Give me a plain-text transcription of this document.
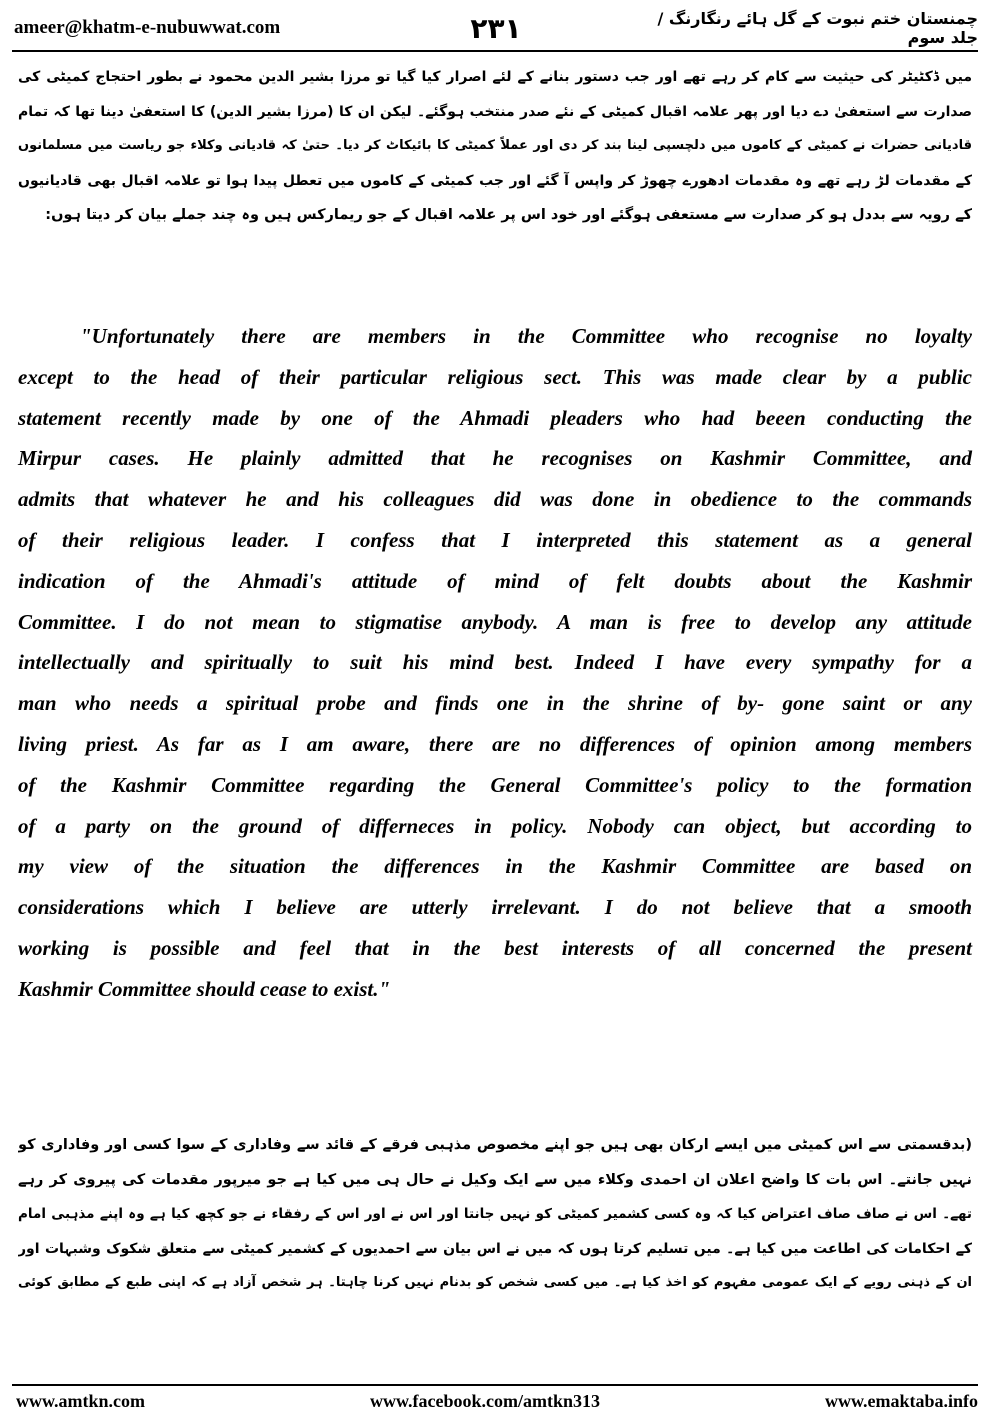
ameer@khatm-e-nubuwwat.com	۲۳۱	چمنستان ختم نبوت کے گل ہائے رنگارنگ / جلد سوم
میں ڈکٹیٹر کی حیثیت سے کام کر رہے تھے اور جب دستور بنانے کے لئے اصرار کیا گیا تو مرزا بشیر الدین محمود نے بطور احتجاج کمیٹی کی
صدارت سے استعفیٰ دے دیا اور پھر علامہ اقبال کمیٹی کے نئے صدر منتخب ہوگئے۔ لیکن ان کا (مرزا بشیر الدین) کا استعفیٰ دینا تھا کہ تمام
قادیانی حضرات نے کمیٹی کے کاموں میں دلچسپی لینا بند کر دی اور عملاً کمیٹی کا بائیکاٹ کر دیا۔ حتیٰ کہ قادیانی وکلاء جو ریاست میں مسلمانوں
کے مقدمات لڑ رہے تھے وہ مقدمات ادھورے چھوڑ کر واپس آ گئے اور جب کمیٹی کے کاموں میں تعطل پیدا ہوا تو علامہ اقبال بھی قادیانیوں
کے رویہ سے بددل ہو کر صدارت سے مستعفی ہوگئے اور خود اس پر علامہ اقبال کے جو ریمارکس ہیں وہ چند جملے بیان کر دیتا ہوں:
"Unfortunately there are members in the Committee who recognise no loyalty
except to the head of their particular religious sect. This was made clear by a public
statement recently made by one of the Ahmadi pleaders who had beeen conducting the
Mirpur cases. He plainly admitted that he recognises on Kashmir Committee, and
admits that whatever he and his colleagues did was done in obedience to the commands
of their religious leader. I confess that I interpreted this statement as a general
indication of the Ahmadi's attitude of mind of felt doubts about the Kashmir
Committee. I do not mean to stigmatise anybody. A man is free to develop any attitude
intellectually and spiritually to suit his mind best. Indeed I have every sympathy for a
man who needs a spiritual probe and finds one in the shrine of by- gone saint or any
living priest. As far as I am aware, there are no differences of opinion among members
of the Kashmir Committee regarding the General Committee's policy to the formation
of a party on the ground of differneces in policy. Nobody can object, but according to
my view of the situation the differences in the Kashmir Committee are based on
considerations which I believe are utterly irrelevant. I do not believe that a smooth
working is possible and feel that in the best interests of all concerned the present
Kashmir Committee should cease to exist."
(بدقسمتی سے اس کمیٹی میں ایسے ارکان بھی ہیں جو اپنے مخصوص مذہبی فرقے کے قائد سے وفاداری کے سوا کسی اور وفاداری کو
نہیں جانتے۔ اس بات کا واضح اعلان ان احمدی وکلاء میں سے ایک وکیل نے حال ہی میں کیا ہے جو میرپور مقدمات کی پیروی کر رہے
تھے۔ اس نے صاف صاف اعتراض کیا کہ وہ کسی کشمیر کمیٹی کو نہیں جانتا اور اس نے اور اس کے رفقاء نے جو کچھ کیا ہے وہ اپنے مذہبی امام
کے احکامات کی اطاعت میں کیا ہے۔ میں تسلیم کرتا ہوں کہ میں نے اس بیان سے احمدیوں کے کشمیر کمیٹی سے متعلق شکوک وشبہات اور
ان کے ذہنی رویے کے ایک عمومی مفہوم کو اخذ کیا ہے۔ میں کسی شخص کو بدنام نہیں کرنا چاہتا۔ ہر شخص آزاد ہے کہ اپنی طبع کے مطابق کوئی
www.amtkn.com	www.facebook.com/amtkn313	www.emaktaba.info
